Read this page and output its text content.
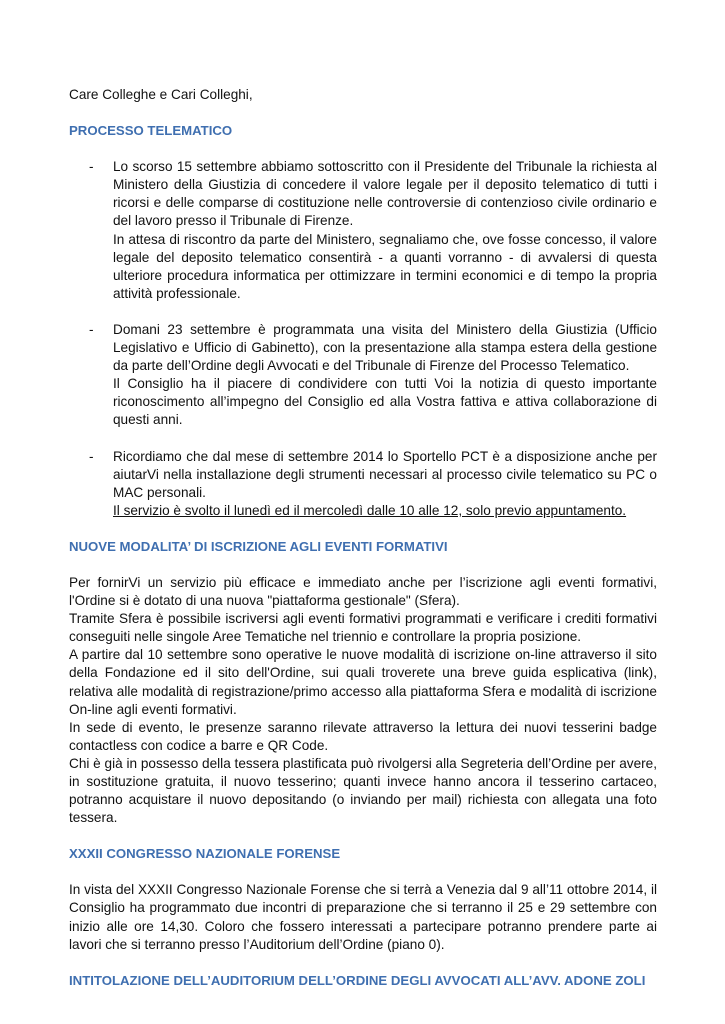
Care Colleghe e Cari Colleghi,

PROCESSO TELEMATICO

- Lo scorso 15 settembre abbiamo sottoscritto con il Presidente del Tribunale la richiesta al Ministero della Giustizia di concedere il valore legale per il deposito telematico di tutti i ricorsi e delle comparse di costituzione nelle controversie di contenzioso civile ordinario e del lavoro presso il Tribunale di Firenze.

In attesa di riscontro da parte del Ministero, segnaliamo che, ove fosse concesso, il valore legale del deposito telematico consentirà - a quanti vorranno - di avvalersi di questa ulteriore procedura informatica per ottimizzare in termini economici e di tempo la propria attività professionale.

- Domani 23 settembre è programmata una visita del Ministero della Giustizia (Ufficio Legislativo e Ufficio di Gabinetto), con la presentazione alla stampa estera della gestione da parte dell’Ordine degli Avvocati e del Tribunale di Firenze del Processo Telematico.

Il Consiglio ha il piacere di condividere con tutti Voi la notizia di questo importante riconoscimento all’impegno del Consiglio ed alla Vostra fattiva e attiva collaborazione di questi anni.

- Ricordiamo che dal mese di settembre 2014 lo Sportello PCT è a disposizione anche per aiutarVi nella installazione degli strumenti necessari al processo civile telematico su PC o MAC personali.

Il servizio è svolto il lunedì ed il mercoledì dalle 10 alle 12, solo previo appuntamento.

NUOVE MODALITA’ DI ISCRIZIONE AGLI EVENTI FORMATIVI

Per fornirVi un servizio più efficace e immediato anche per l’iscrizione agli eventi formativi, l'Ordine si è dotato di una nuova "piattaforma gestionale" (Sfera).

Tramite Sfera è possibile iscriversi agli eventi formativi programmati e verificare i crediti formativi conseguiti nelle singole Aree Tematiche nel triennio e controllare la propria posizione.

A partire dal 10 settembre sono operative le nuove modalità di iscrizione on-line attraverso il sito della Fondazione ed il sito dell'Ordine, sui quali troverete una breve guida esplicativa (link), relativa alle modalità di registrazione/primo accesso alla piattaforma Sfera e modalità di iscrizione On-line agli eventi formativi.

In sede di evento, le presenze saranno rilevate attraverso la lettura dei nuovi tesserini badge contactless con codice a barre e QR Code.

Chi è già in possesso della tessera plastificata può rivolgersi alla Segreteria dell’Ordine per avere, in sostituzione gratuita, il nuovo tesserino; quanti invece hanno ancora il tesserino cartaceo, potranno acquistare il nuovo depositando (o inviando per mail) richiesta con allegata una foto tessera.

XXXII CONGRESSO NAZIONALE FORENSE

In vista del XXXII Congresso Nazionale Forense che si terrà a Venezia dal 9 all’11 ottobre 2014, il Consiglio ha programmato due incontri di preparazione che si terranno il 25 e 29 settembre con inizio alle ore 14,30. Coloro che fossero interessati a partecipare potranno prendere parte ai lavori che si terranno presso l’Auditorium dell’Ordine (piano 0).

INTITOLAZIONE DELL’AUDITORIUM DELL’ORDINE DEGLI AVVOCATI ALL’AVV. ADONE ZOLI
